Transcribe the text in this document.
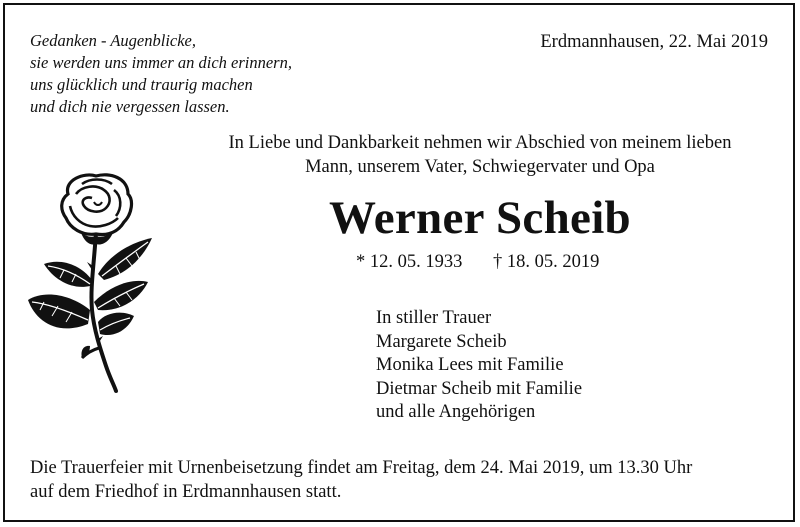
Gedanken - Augenblicke,
sie werden uns immer an dich erinnern,
uns glücklich und traurig machen
und dich nie vergessen lassen.
Erdmannhausen, 22. Mai 2019
In Liebe und Dankbarkeit nehmen wir Abschied von meinem lieben
Mann, unserem Vater, Schwiegervater und Opa
Werner Scheib
* 12. 05. 1933 † 18. 05. 2019
In stiller Trauer
Margarete Scheib
Monika Lees mit Familie
Dietmar Scheib mit Familie
und alle Angehörigen
Die Trauerfeier mit Urnenbeisetzung findet am Freitag, dem 24. Mai 2019, um 13.30 Uhr
auf dem Friedhof in Erdmannhausen statt.
